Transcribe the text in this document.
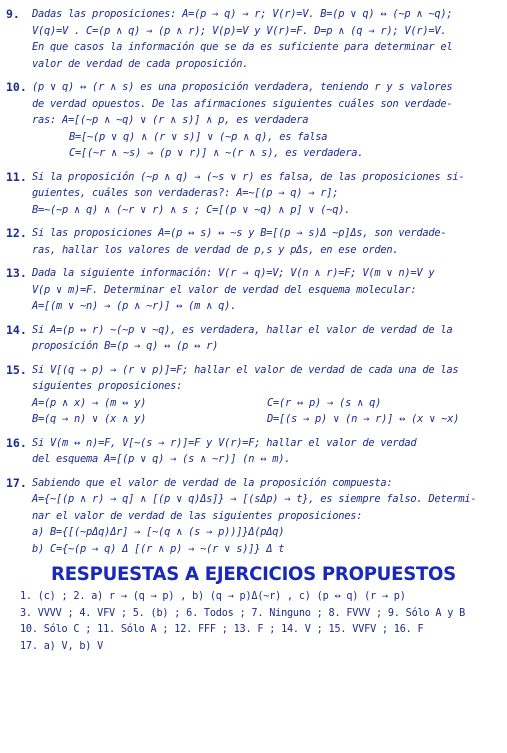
9.	Dadas las proposiciones: A=(p → q) → r; V(r)=V. B=(p ∨ q) ↔ (∼p ∧ ∼q);
V(q)=V . C=(p ∧ q) → (p ∧ r); V(p)=V y V(r)=F. D=p ∧ (q → r); V(r)=V.
En que casos la información que se da es suficiente para determinar el
valor de verdad de cada proposición.
10. (p ∨ q) ↔ (r ∧ s) es una proposición verdadera, teniendo r y s valores
de verdad opuestos. De las afirmaciones siguientes cuáles son verdade-
ras: A=[(∼p ∧ ∼q) ∨ (r ∧ s)] ∧ p, es verdadera
B=[∼(p ∨ q) ∧ (r ∨ s)] ∨ (∼p ∧ q), es falsa
C=[(∼r ∧ ∼s) → (p ∨ r)] ∧ ∼(r ∧ s), es verdadera.
11. Si la proposición (∼p ∧ q) → (∼s ∨ r) es falsa, de las proposiciones si-
guientes, cuáles son verdaderas?: A=∼[(p → q) → r];
B=∼(∼p ∧ q) ∧ (∼r ∨ r) ∧ s ; C=[(p ∨ ∼q) ∧ p] ∨ (∼q).
12. Si las proposiciones A=(p ↔ s) ↔ ∼s y B=[(p → s)Δ ∼p]Δs, son verdade-
ras, hallar los valores de verdad de p,s y pΔs, en ese orden.
13. Dada la siguiente información: V(r → q)=V; V(n ∧ r)=F; V(m ∨ n)=V y
V(p ∨ m)=F. Determinar el valor de verdad del esquema molecular:
A=[(m ∨ ∼n) → (p ∧ ∼r)] ↔ (m ∧ q).
14. Si A=(p ↔ r) ∼(∼p ∨ ∼q), es verdadera, hallar el valor de verdad de la
proposición B=(p → q) ↔ (p ↔ r)
15. Si V[(q → p) → (r ∨ p)]=F; hallar el valor de verdad de cada una de las
siguientes proposiciones:
A=(p ∧ x) → (m ↔ y)	C=(r ↔ p) → (s ∧ q)
B=(q → n) ∨ (x ∧ y)	D=[(s → p) ∨ (n → r)] ↔ (x ∨ ∼x)
16. Si V(m ↔ n)=F, V[∼(s → r)]=F y V(r)=F; hallar el valor de verdad
del esquema A=[(p ∨ q) → (s ∧ ∼r)] (n ↔ m).
17. Sabiendo que el valor de verdad de la proposición compuesta:
A={∼[(p ∧ r) → q] ∧ [(p ∨ q)Δs]} → [(sΔp) → t}, es siempre falso. Determi-
nar el valor de verdad de las siguientes proposiciones:
a) B={[(∼pΔq)Δr] → [∼(q ∧ (s → p))]}Δ(pΔq)
b) C={∼(p → q) Δ [(r ∧ p) → ∼(r ∨ s)]} Δ t
RESPUESTAS A EJERCICIOS PROPUESTOS
1. (c) ; 2. a) r → (q → p) , b) (q → p)Δ(∼r) , c) (p ↔ q) (r → p)
3. VVVV ; 4. VFV ; 5. (b) ; 6. Todos ; 7. Ninguno ; 8. FVVV ; 9. Sólo A y B
10. Sólo C ; 11. Sólo A ; 12. FFF ; 13. F ; 14. V ; 15. VVFV ; 16. F
17. a) V, b) V
